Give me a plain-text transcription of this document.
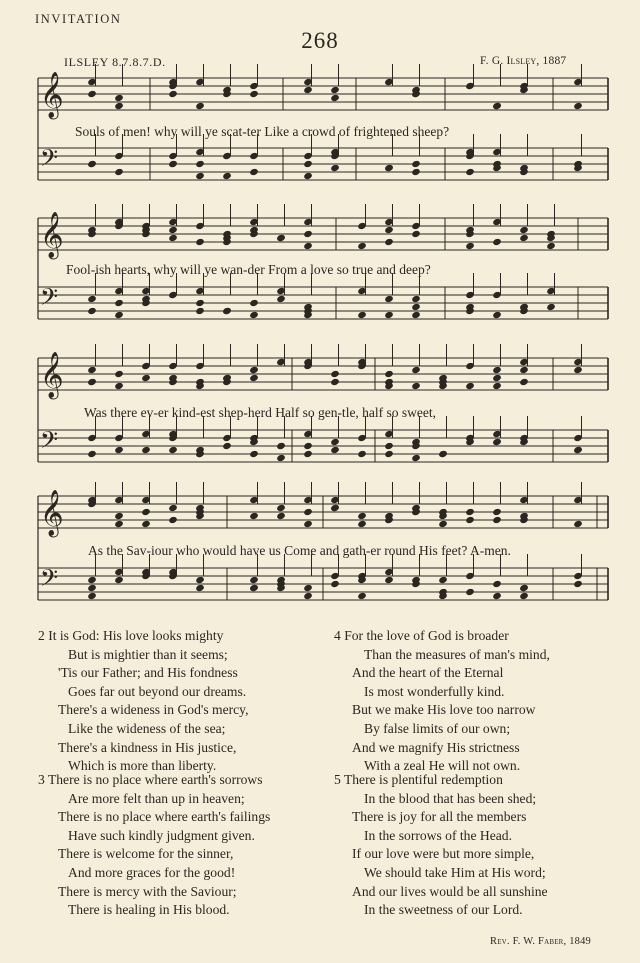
INVITATION
268
ILSLEY 8.7.8.7.D.	F. G. Ilsley, 1887
𝄞
𝄢
𝄞
𝄢
𝄞
𝄢
𝄞
𝄢
Souls of men! why will ye scat-ter Like a crowd of frightened sheep?
Fool-ish hearts, why will ye wan-der From a love so true and deep?
Was there ev-er kind-est shep-herd Half so gen-tle, half so sweet,
As the Sav-iour who would have us Come and gath-er round His feet? A-men.
2 It is God: His love looks mighty
But is mightier than it seems;
'Tis our Father; and His fondness
Goes far out beyond our dreams.
There's a wideness in God's mercy,
Like the wideness of the sea;
There's a kindness in His justice,
Which is more than liberty.
4 For the love of God is broader
Than the measures of man's mind,
And the heart of the Eternal
Is most wonderfully kind.
But we make His love too narrow
By false limits of our own;
And we magnify His strictness
With a zeal He will not own.
3 There is no place where earth's sorrows
Are more felt than up in heaven;
There is no place where earth's failings
Have such kindly judgment given.
There is welcome for the sinner,
And more graces for the good!
There is mercy with the Saviour;
There is healing in His blood.
5 There is plentiful redemption
In the blood that has been shed;
There is joy for all the members
In the sorrows of the Head.
If our love were but more simple,
We should take Him at His word;
And our lives would be all sunshine
In the sweetness of our Lord.
Rev. F. W. Faber, 1849
